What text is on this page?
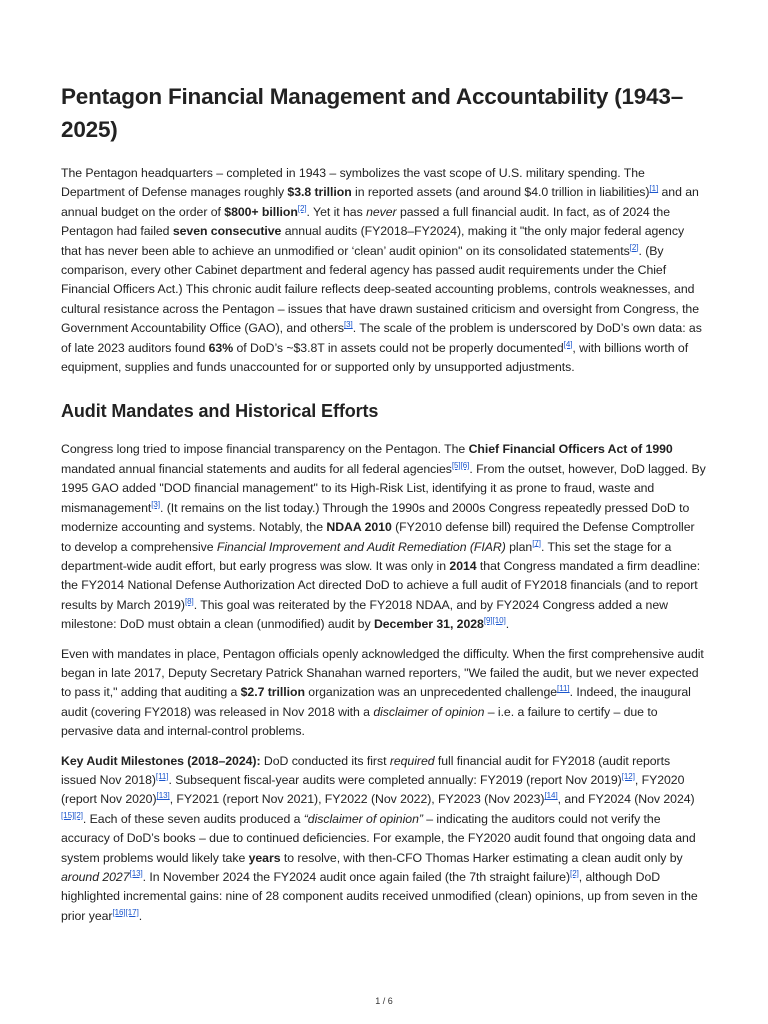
Pentagon Financial Management and Accountability (1943–2025)

The Pentagon headquarters – completed in 1943 – symbolizes the vast scope of U.S. military spending. The Department of Defense manages roughly $3.8 trillion in reported assets (and around $4.0 trillion in liabilities)[1] and an annual budget on the order of $800+ billion[2]. Yet it has never passed a full financial audit. In fact, as of 2024 the Pentagon had failed seven consecutive annual audits (FY2018–FY2024), making it "the only major federal agency that has never been able to achieve an unmodified or ‘clean’ audit opinion" on its consolidated statements[2]. (By comparison, every other Cabinet department and federal agency has passed audit requirements under the Chief Financial Officers Act.) This chronic audit failure reflects deep-seated accounting problems, controls weaknesses, and cultural resistance across the Pentagon – issues that have drawn sustained criticism and oversight from Congress, the Government Accountability Office (GAO), and others[3]. The scale of the problem is underscored by DoD’s own data: as of late 2023 auditors found 63% of DoD’s ~$3.8T in assets could not be properly documented[4], with billions worth of equipment, supplies and funds unaccounted for or supported only by unsupported adjustments.

Audit Mandates and Historical Efforts

Congress long tried to impose financial transparency on the Pentagon. The Chief Financial Officers Act of 1990 mandated annual financial statements and audits for all federal agencies[5][6]. From the outset, however, DoD lagged. By 1995 GAO added "DOD financial management" to its High-Risk List, identifying it as prone to fraud, waste and mismanagement[3]. (It remains on the list today.) Through the 1990s and 2000s Congress repeatedly pressed DoD to modernize accounting and systems. Notably, the NDAA 2010 (FY2010 defense bill) required the Defense Comptroller to develop a comprehensive Financial Improvement and Audit Remediation (FIAR) plan[7]. This set the stage for a department-wide audit effort, but early progress was slow. It was only in 2014 that Congress mandated a firm deadline: the FY2014 National Defense Authorization Act directed DoD to achieve a full audit of FY2018 financials (and to report results by March 2019)[8]. This goal was reiterated by the FY2018 NDAA, and by FY2024 Congress added a new milestone: DoD must obtain a clean (unmodified) audit by December 31, 2028[9][10].

Even with mandates in place, Pentagon officials openly acknowledged the difficulty. When the first comprehensive audit began in late 2017, Deputy Secretary Patrick Shanahan warned reporters, "We failed the audit, but we never expected to pass it," adding that auditing a $2.7 trillion organization was an unprecedented challenge[11]. Indeed, the inaugural audit (covering FY2018) was released in Nov 2018 with a disclaimer of opinion – i.e. a failure to certify – due to pervasive data and internal-control problems.

Key Audit Milestones (2018–2024): DoD conducted its first required full financial audit for FY2018 (audit reports issued Nov 2018)[11]. Subsequent fiscal-year audits were completed annually: FY2019 (report Nov 2019)[12], FY2020 (report Nov 2020)[13], FY2021 (report Nov 2021), FY2022 (Nov 2022), FY2023 (Nov 2023)[14], and FY2024 (Nov 2024)[15][2]. Each of these seven audits produced a “disclaimer of opinion” – indicating the auditors could not verify the accuracy of DoD’s books – due to continued deficiencies. For example, the FY2020 audit found that ongoing data and system problems would likely take years to resolve, with then-CFO Thomas Harker estimating a clean audit only by around 2027[13]. In November 2024 the FY2024 audit once again failed (the 7th straight failure)[2], although DoD highlighted incremental gains: nine of 28 component audits received unmodified (clean) opinions, up from seven in the prior year[16][17].

1 / 6
